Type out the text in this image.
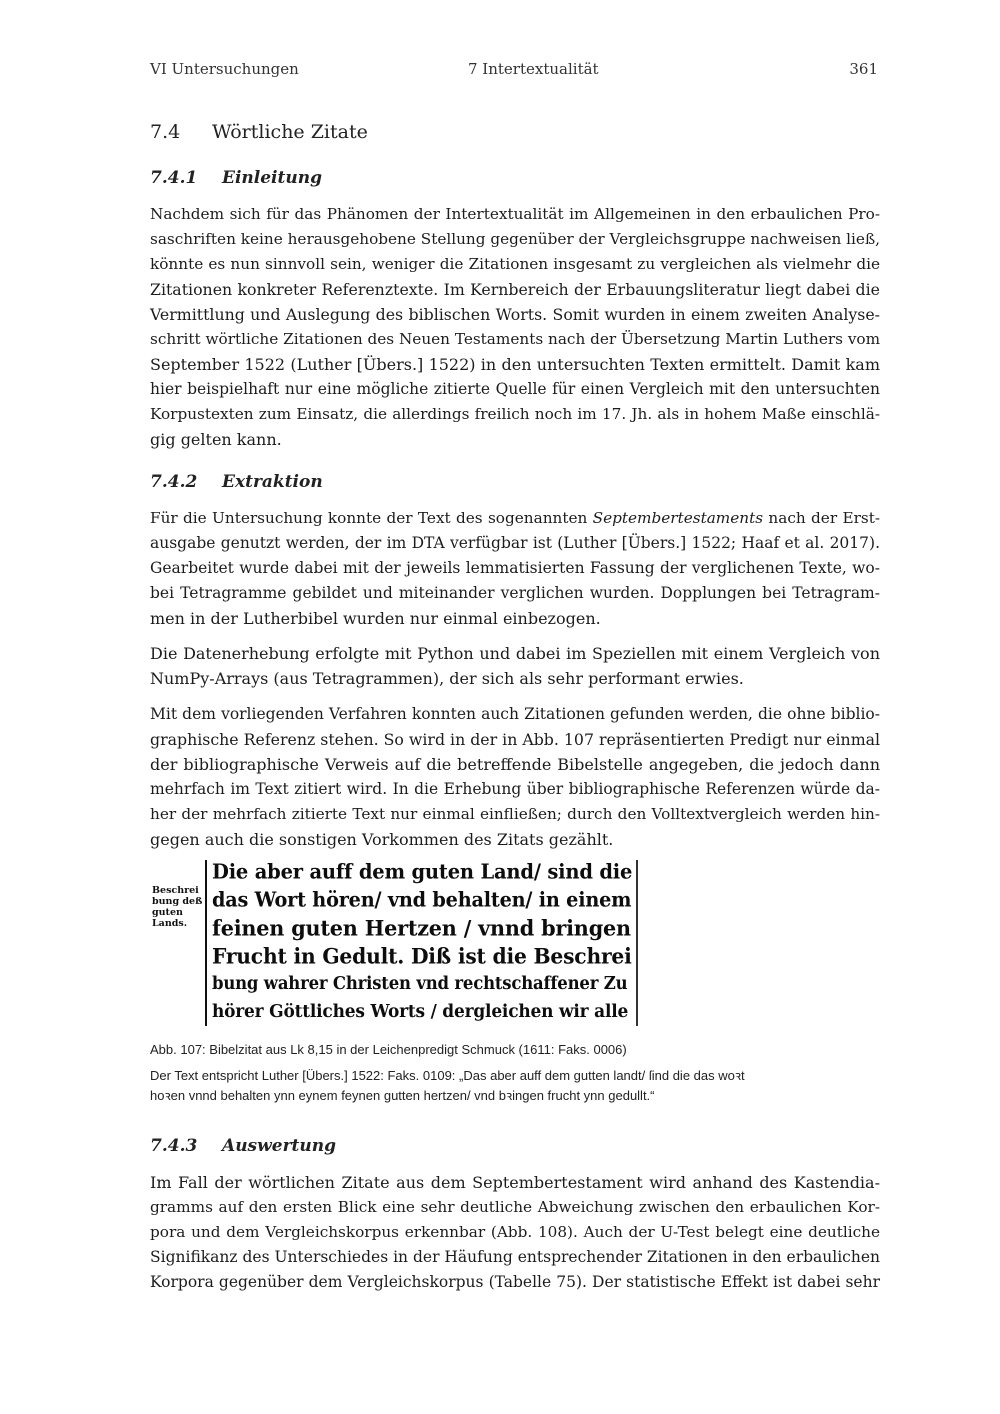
VI Untersuchungen	7 Intertextualität	361
7.4 Wörtliche Zitate
7.4.1 Einleitung

Nachdem sich für das Phänomen der Intertextualität im Allgemeinen in den erbaulichen Pro-
saschriften keine herausgehobene Stellung gegenüber der Vergleichsgruppe nachweisen ließ,
könnte es nun sinnvoll sein, weniger die Zitationen insgesamt zu vergleichen als vielmehr die
Zitationen konkreter Referenztexte. Im Kernbereich der Erbauungsliteratur liegt dabei die
Vermittlung und Auslegung des biblischen Worts. Somit wurden in einem zweiten Analyse-
schritt wörtliche Zitationen des Neuen Testaments nach der Übersetzung Martin Luthers vom
September 1522 (Luther [Übers.] 1522) in den untersuchten Texten ermittelt. Damit kam
hier beispielhaft nur eine mögliche zitierte Quelle für einen Vergleich mit den untersuchten
Korpustexten zum Einsatz, die allerdings freilich noch im 17. Jh. als in hohem Maße einschlä-
gig gelten kann.

7.4.2 Extraktion

Für die Untersuchung konnte der Text des sogenannten Septembertestaments nach der Erst-
ausgabe genutzt werden, der im DTA verfügbar ist (Luther [Übers.] 1522; Haaf et al. 2017).
Gearbeitet wurde dabei mit der jeweils lemmatisierten Fassung der verglichenen Texte, wo-
bei Tetragramme gebildet und miteinander verglichen wurden. Dopplungen bei Tetragram-
men in der Lutherbibel wurden nur einmal einbezogen.

Die Datenerhebung erfolgte mit Python und dabei im Speziellen mit einem Vergleich von
NumPy-Arrays (aus Tetragrammen), der sich als sehr performant erwies.

Mit dem vorliegenden Verfahren konnten auch Zitationen gefunden werden, die ohne biblio-
graphische Referenz stehen. So wird in der in Abb. 107 repräsentierten Predigt nur einmal
der bibliographische Verweis auf die betreffende Bibelstelle angegeben, die jedoch dann
mehrfach im Text zitiert wird. In die Erhebung über bibliographische Referenzen würde da-
her der mehrfach zitierte Text nur einmal einfließen; durch den Volltextvergleich werden hin-
gegen auch die sonstigen Vorkommen des Zitats gezählt.

Beschrei
bung deß
guten
Lands.
Die aber auff dem guten Land/ sind die
das Wort hören/ vnd behalten/ in einem
feinen guten Hertzen / vnnd bringen
Frucht in Gedult. Diß ist die Beschrei
bung wahrer Christen vnd rechtschaffener Zu
hörer Göttliches Worts / dergleichen wir alle
Abb. 107: Bibelzitat aus Lk 8,15 in der Leichenpredigt Schmuck (1611: Faks. 0006)
Der Text entspricht Luther [Übers.] 1522: Faks. 0109: „Das aber auff dem gutten landt/ ſind die das woꝛt
hoꝛen vnnd behalten ynn eynem feynen gutten hertzen/ vnd bꝛingen frucht ynn gedullt.“
7.4.3 Auswertung

Im Fall der wörtlichen Zitate aus dem Septembertestament wird anhand des Kastendia-
gramms auf den ersten Blick eine sehr deutliche Abweichung zwischen den erbaulichen Kor-
pora und dem Vergleichskorpus erkennbar (Abb. 108). Auch der U-Test belegt eine deutliche
Signifikanz des Unterschiedes in der Häufung entsprechender Zitationen in den erbaulichen
Korpora gegenüber dem Vergleichskorpus (Tabelle 75). Der statistische Effekt ist dabei sehr
